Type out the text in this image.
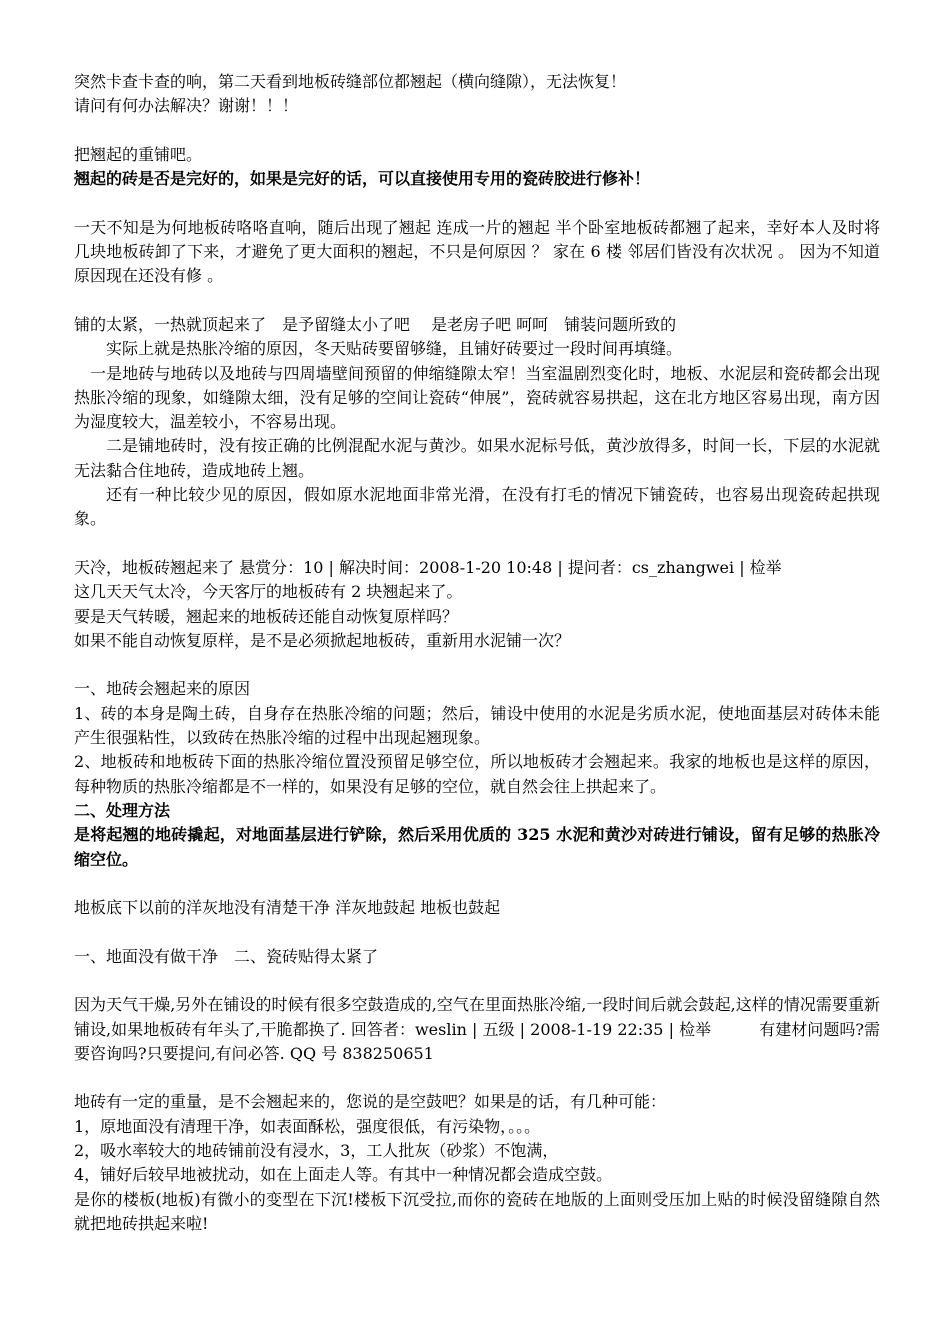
突然卡查卡查的响，第二天看到地板砖缝部位都翘起（横向缝隙），无法恢复！

请问有何办法解决？谢谢！！！

把翘起的重铺吧。

翘起的砖是否是完好的，如果是完好的话，可以直接使用专用的瓷砖胶进行修补！

一天不知是为何地板砖咯咯直响，随后出现了翘起 连成一片的翘起 半个卧室地板砖都翘了起来，幸好本人及时将几块地板砖卸了下来，才避免了更大面积的翘起，不只是何原因 ？ 家在 6 楼 邻居们皆没有次状况 。 因为不知道原因现在还没有修 。

铺的太紧，一热就顶起来了　是予留缝太小了吧　 是老房子吧 呵呵　铺装问题所致的

实际上就是热胀冷缩的原因，冬天贴砖要留够缝，且铺好砖要过一段时间再填缝。

一是地砖与地砖以及地砖与四周墙壁间预留的伸缩缝隙太窄！当室温剧烈变化时，地板、水泥层和瓷砖都会出现热胀冷缩的现象，如缝隙太细，没有足够的空间让瓷砖“伸展”，瓷砖就容易拱起，这在北方地区容易出现，南方因为湿度较大，温差较小，不容易出现。

二是铺地砖时，没有按正确的比例混配水泥与黄沙。如果水泥标号低，黄沙放得多，时间一长，下层的水泥就无法黏合住地砖，造成地砖上翘。

还有一种比较少见的原因，假如原水泥地面非常光滑，在没有打毛的情况下铺瓷砖，也容易出现瓷砖起拱现象。

天冷，地板砖翘起来了 悬赏分：10 | 解决时间：2008-1-20 10:48 | 提问者：cs_zhangwei | 检举

这几天天气太冷，今天客厅的地板砖有 2 块翘起来了。

要是天气转暖，翘起来的地板砖还能自动恢复原样吗？

如果不能自动恢复原样，是不是必须掀起地板砖，重新用水泥铺一次？

一、地砖会翘起来的原因

1、砖的本身是陶土砖，自身存在热胀冷缩的问题；然后，铺设中使用的水泥是劣质水泥，使地面基层对砖体未能产生很强粘性，以致砖在热胀冷缩的过程中出现起翘现象。

2、地板砖和地板砖下面的热胀冷缩位置没预留足够空位，所以地板砖才会翘起来。我家的地板也是这样的原因，每种物质的热胀冷缩都是不一样的，如果没有足够的空位，就自然会往上拱起来了。

二、处理方法

是将起翘的地砖撬起，对地面基层进行铲除，然后采用优质的 325 水泥和黄沙对砖进行铺设，留有足够的热胀冷缩空位。

地板底下以前的洋灰地没有清楚干净 洋灰地鼓起 地板也鼓起

一、地面没有做干净　二、瓷砖贴得太紧了

因为天气干燥,另外在铺设的时候有很多空鼓造成的,空气在里面热胀冷缩,一段时间后就会鼓起,这样的情况需要重新铺设,如果地板砖有年头了,干脆都换了. 回答者：weslin | 五级 | 2008-1-19 22:35 | 检举　　　有建材问题吗?需要咨询吗?只要提问,有问必答. QQ 号 838250651

地砖有一定的重量，是不会翘起来的，您说的是空鼓吧？如果是的话，有几种可能：

1，原地面没有清理干净，如表面酥松，强度很低，有污染物，。。。

2，吸水率较大的地砖铺前没有浸水，3，工人批灰（砂浆）不饱满，

4，铺好后较早地被扰动，如在上面走人等。有其中一种情况都会造成空鼓。

是你的楼板(地板)有微小的变型在下沉!楼板下沉受拉,而你的瓷砖在地版的上面则受压加上贴的时候没留缝隙自然就把地砖拱起来啦!
